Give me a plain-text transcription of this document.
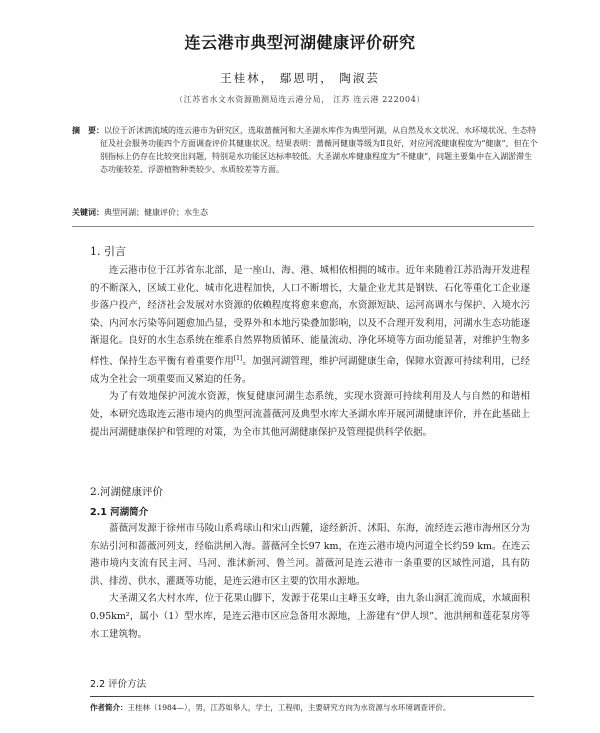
连云港市典型河湖健康评价研究
王桂林， 鄢恩明， 陶淑芸
（江苏省水文水资源勘测局连云港分局， 江苏 连云港 222004）
摘　要：以位于沂沭泗流域的连云港市为研究区，选取蔷薇河和大圣湖水库作为典型河湖，从自然及水文状况、水环境状况、生态特征及社会服务功能四个方面调查评价其健康状况。结果表明：蔷薇河健康等级为Ⅱ良好，对应河流健康程度为“健康”，但在个别指标上仍存在比较突出问题，特别是水功能区达标率较低。大圣湖水库健康程度为“不健康”，问题主要集中在入湖淤滞生态功能较差、浮游植物种类较少、水质较差等方面。
关键词：典型河湖；健康评价；水生态
1. 引言

连云港市位于江苏省东北部，是一座山、海、港、城相依相拥的城市。近年来随着江苏沿海开发进程的不断深入，区域工业化、城市化进程加快，人口不断增长，大量企业尤其是钢铁、石化等重化工企业逐步落户投产，经济社会发展对水资源的依赖程度将愈来愈高，水资源短缺、运河高调水与保护、入境水污染、内河水污染等问题愈加凸显，受界外和本地污染叠加影响，以及不合理开发利用，河湖水生态功能逐渐退化。良好的水生态系统在维系自然界物质循环、能量流动、净化环境等方面功能显著，对维护生物多样性、保持生态平衡有着重要作用[1]。加强河湖管理，维护河湖健康生命，保障水资源可持续利用，已经成为全社会一项重要而又紧迫的任务。

为了有效地保护河流水资源，恢复健康河湖生态系统，实现水资源可持续利用及人与自然的和谐相处，本研究选取连云港市境内的典型河流蔷薇河及典型水库大圣湖水库开展河湖健康评价，并在此基础上提出河湖健康保护和管理的对策，为全市其他河湖健康保护及管理提供科学依据。

2.河湖健康评价
2.1 河湖简介

蔷薇河发源于徐州市马陵山系鸡球山和宋山西麓，途经新沂、沭阳、东海，流经连云港市海州区分为东站引河和蔷薇河列支，经临洪闸入海。蔷薇河全长97 km，在连云港市境内河道全长约59 km。在连云港市境内支流有民主河、马河、淮沭新河、鲁兰河。蔷薇河是连云港市一条重要的区域性河道，具有防洪、排涝、供水、灌溉等功能，是连云港市区主要的饮用水源地。

大圣湖又名大村水库，位于花果山脚下，发源于花果山主峰玉女峰，由九条山涧汇流而成，水域面积0.95km²，属小（1）型水库，是连云港市区应急备用水源地，上游建有“伊人坝”、池洪闸和莲花泵房等水工建筑物。

2.2 评价方法
作者简介：王桂林（1984—），男，江苏如皋人，学士，工程师，主要研究方向为水资源与水环境调查评价。
